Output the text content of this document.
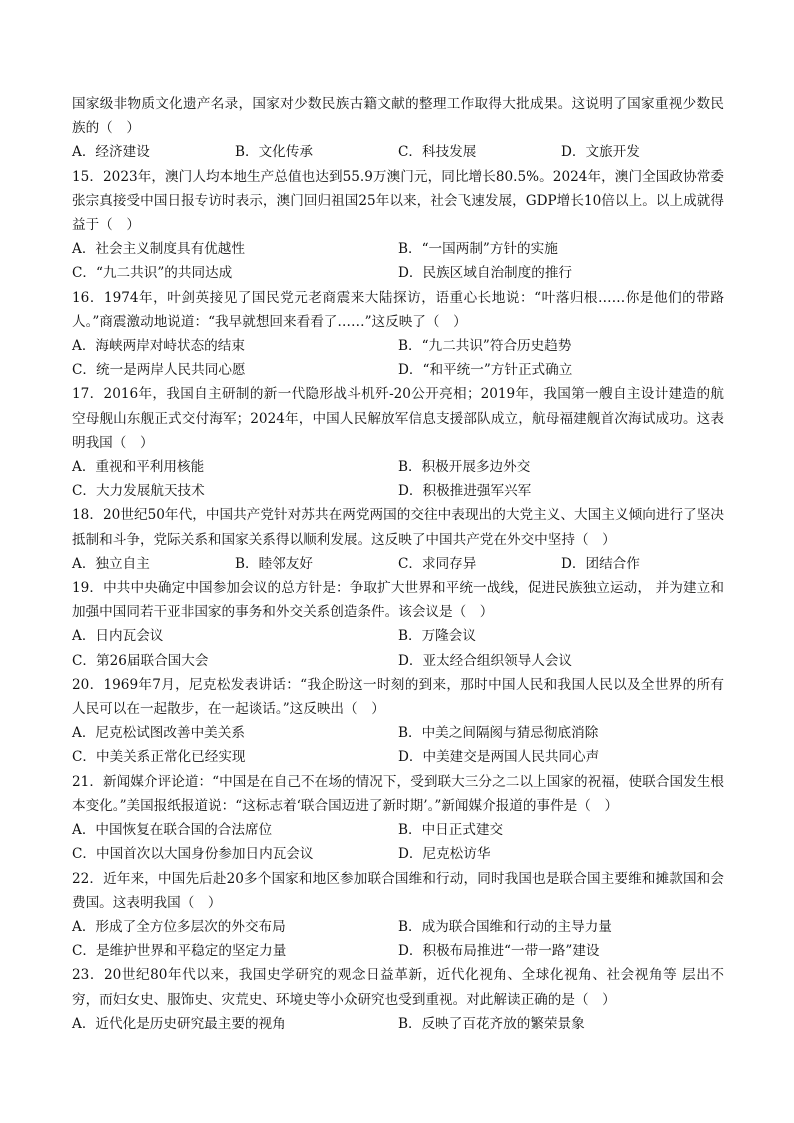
国家级非物质文化遗产名录，国家对少数民族古籍文献的整理工作取得大批成果。这说明了国家重视少数民族的（　）

A．经济建设	B．文化传承	C．科技发展	D．文旅开发

15．2023年，澳门人均本地生产总值也达到55.9万澳门元，同比增长80.5%。2024年，澳门全国政协常委张宗真接受中国日报专访时表示，澳门回归祖国25年以来，社会飞速发展，GDP增长10倍以上。以上成就得益于（　）

A．社会主义制度具有优越性	B．“一国两制”方针的实施
C．“九二共识”的共同达成	D．民族区域自治制度的推行

16．1974年，叶剑英接见了国民党元老商震来大陆探访，语重心长地说：“叶落归根……你是他们的带路人。”商震激动地说道：“我早就想回来看看了……”这反映了（　）

A．海峡两岸对峙状态的结束	B．“九二共识”符合历史趋势
C．统一是两岸人民共同心愿	D．“和平统一”方针正式确立

17．2016年，我国自主研制的新一代隐形战斗机歼-20公开亮相；2019年，我国第一艘自主设计建造的航空母舰山东舰正式交付海军；2024年，中国人民解放军信息支援部队成立，航母福建舰首次海试成功。这表明我国（　）

A．重视和平利用核能	B．积极开展多边外交
C．大力发展航天技术	D．积极推进强军兴军

18．20世纪50年代，中国共产党针对苏共在两党两国的交往中表现出的大党主义、大国主义倾向进行了坚决抵制和斗争，党际关系和国家关系得以顺利发展。这反映了中国共产党在外交中坚持（　）

A．独立自主	B．睦邻友好	C．求同存异	D．团结合作

19．中共中央确定中国参加会议的总方针是：争取扩大世界和平统一战线，促进民族独立运动， 并为建立和加强中国同若干亚非国家的事务和外交关系创造条件。该会议是（　）

A．日内瓦会议	B．万隆会议
C．第26届联合国大会	D．亚太经合组织领导人会议

20．1969年7月，尼克松发表讲话：“我企盼这一时刻的到来，那时中国人民和我国人民以及全世界的所有人民可以在一起散步，在一起谈话。”这反映出（　）

A．尼克松试图改善中美关系	B．中美之间隔阂与猜忌彻底消除
C．中美关系正常化已经实现	D．中美建交是两国人民共同心声

21．新闻媒介评论道：“中国是在自己不在场的情况下，受到联大三分之二以上国家的祝福，使联合国发生根本变化。”美国报纸报道说：“这标志着‘联合国迈进了新时期’。”新闻媒介报道的事件是（　）

A．中国恢复在联合国的合法席位	B．中日正式建交
C．中国首次以大国身份参加日内瓦会议	D．尼克松访华

22．近年来，中国先后赴20多个国家和地区参加联合国维和行动，同时我国也是联合国主要维和摊款国和会费国。这表明我国（　）

A．形成了全方位多层次的外交布局	B．成为联合国维和行动的主导力量
C．是维护世界和平稳定的坚定力量	D．积极布局推进“一带一路”建设

23．20世纪80年代以来，我国史学研究的观念日益革新，近代化视角、全球化视角、社会视角等 层出不穷，而妇女史、服饰史、灾荒史、环境史等小众研究也受到重视。对此解读正确的是（　）

A．近代化是历史研究最主要的视角	B．反映了百花齐放的繁荣景象
